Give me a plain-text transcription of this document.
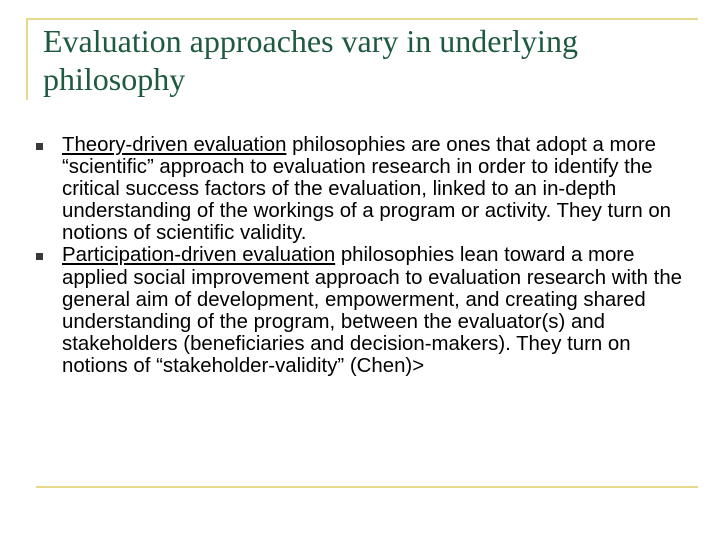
Evaluation approaches vary in underlying philosophy
Theory-driven evaluation philosophies are ones that adopt a more “scientific” approach to evaluation research in order to identify the critical success factors of the evaluation, linked to an in-depth understanding of the workings of a program or activity. They turn on notions of scientific validity.
Participation-driven evaluation philosophies lean toward a more applied social improvement approach to evaluation research with the general aim of development, empowerment, and creating shared understanding of the program, between the evaluator(s) and stakeholders (beneficiaries and decision-makers). They turn on notions of “stakeholder-validity” (Chen)>
